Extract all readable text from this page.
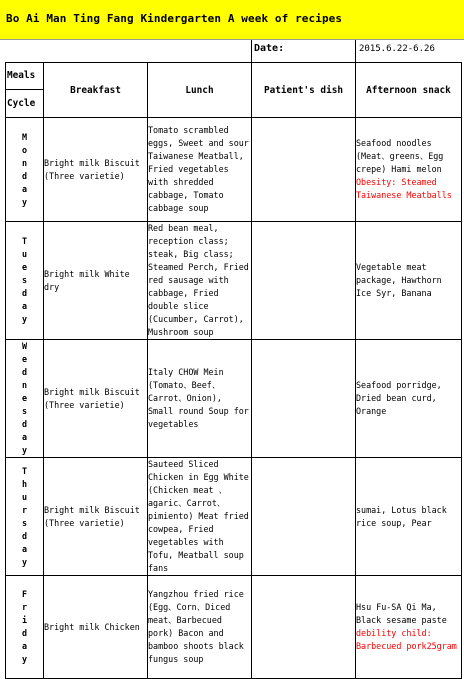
Bo Ai Man Ting Fang Kindergarten A week of recipes
Date:	2015.6.22-6.26
Meals
Cycle	Breakfast	Lunch	Patient's dish	Afternoon snack
Monday	Bright milk Biscuit (Three varietie)	Tomato scrambled eggs, Sweet and sour Taiwanese Meatball, Fried vegetables with shredded cabbage, Tomato cabbage soup		Seafood noodles (Meat、greens、Egg crepe) Hami melon Obesity: Steamed Taiwanese Meatballs
Tuesday	Bright milk White dry	Red bean meal, reception class; steak, Big class; Steamed Perch, Fried red sausage with cabbage, Fried double slice (Cucumber, Carrot), Mushroom soup		Vegetable meat package, Hawthorn Ice Syr, Banana
Wednesday	Bright milk Biscuit (Three varietie)	Italy CHOW Mein (Tomato、Beef、Carrot、Onion), Small round Soup for vegetables		Seafood porridge, Dried bean curd, Orange
Thursday	Bright milk Biscuit (Three varietie)	Sauteed Sliced Chicken in Egg White (Chicken meat 、agaric、Carrot、pimiento) Meat fried cowpea, Fried vegetables with Tofu, Meatball soup fans		sumai, Lotus black rice soup, Pear
Friday	Bright milk Chicken	Yangzhou fried rice (Egg、Corn、Diced meat、Barbecued pork) Bacon and bamboo shoots black fungus soup		Hsu Fu-SA Qi Ma, Black sesame paste debility child: Barbecued pork25gram
